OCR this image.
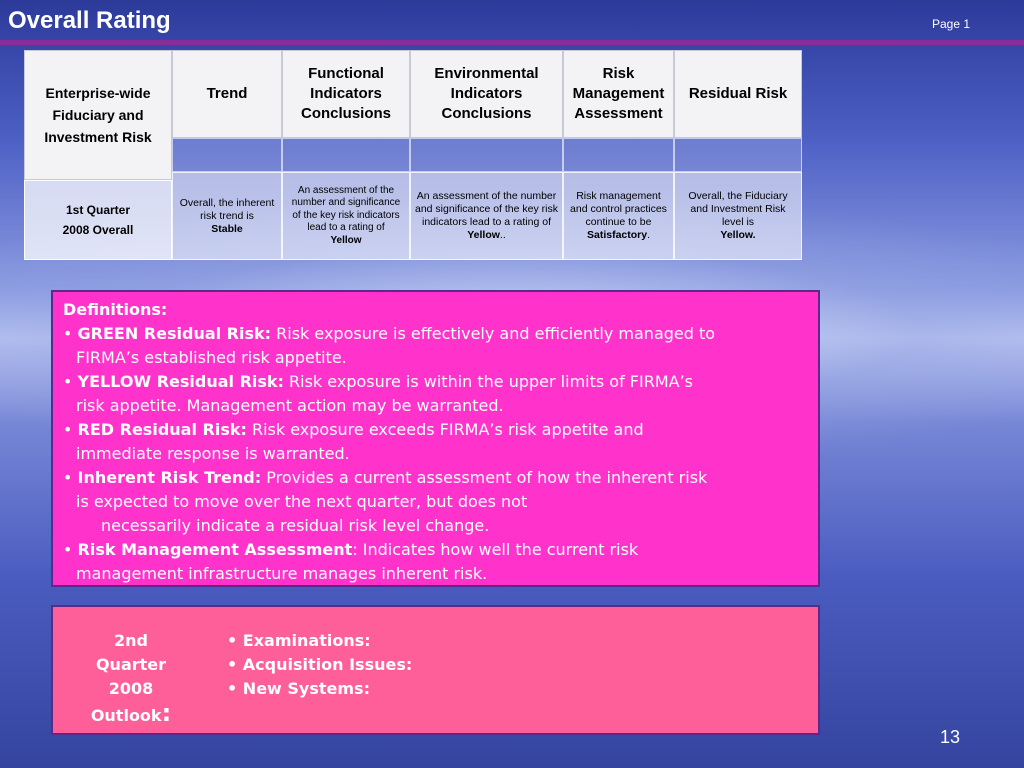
Overall Rating	Page 1
Enterprise-wide
Fiduciary and Investment Risk
Trend
Functional Indicators Conclusions
Environmental Indicators Conclusions
Risk Management Assessment
Residual Risk
1st Quarter
2008 Overall
Overall, the inherent risk trend is
Stable
An assessment of the number and significance of the key risk indicators lead to a rating of
Yellow
An assessment of the number and significance of the key risk indicators lead to a rating of
Yellow..
Risk management and control practices continue to be
Satisfactory.
Overall, the Fiduciary and Investment Risk level is
Yellow.
Definitions:
• GREEN Residual Risk: Risk exposure is effectively and efficiently managed to
FIRMA’s established risk appetite.
• YELLOW Residual Risk: Risk exposure is within the upper limits of FIRMA’s
risk appetite. Management action may be warranted.
• RED Residual Risk: Risk exposure exceeds FIRMA’s risk appetite and
immediate response is warranted.
• Inherent Risk Trend: Provides a current assessment of how the inherent risk
is expected to move over the next quarter, but does not
necessarily indicate a residual risk level change.
• Risk Management Assessment: Indicates how well the current risk
management infrastructure manages inherent risk.
2nd
Quarter
2008
Outlook:
• Examinations:
• Acquisition Issues:
• New Systems:
13
